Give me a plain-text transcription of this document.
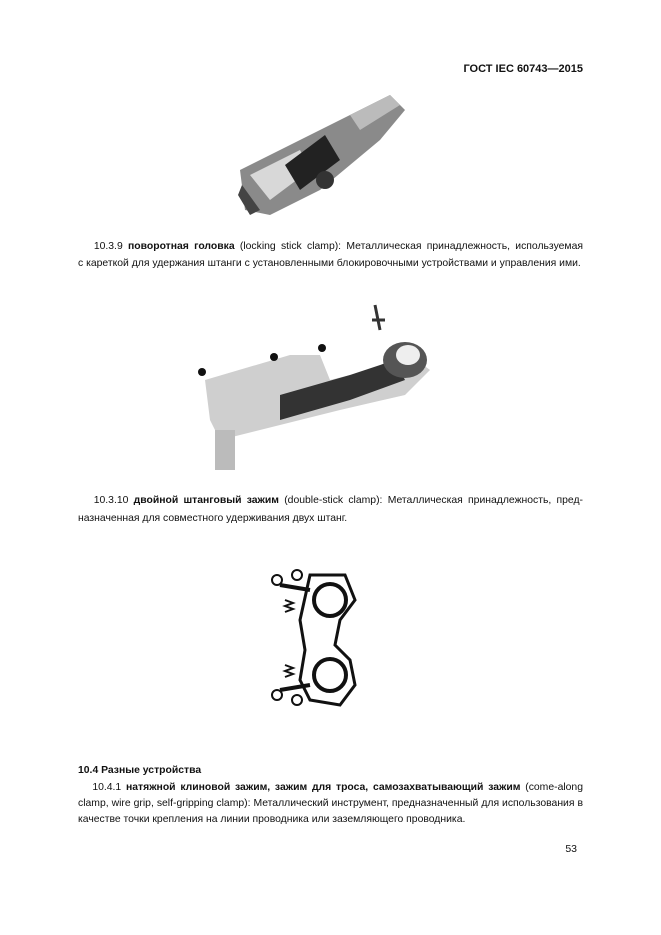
ГОСТ IEC 60743—2015
10.3.9 поворотная головка (locking stick clamp): Металлическая принадлежность, используемая
с кареткой для удержания штанги с установленными блокировочными устройствами и управления ими.
10.3.10 двойной штанговый зажим (double-stick clamp): Металлическая принадлежность, пред-
назначенная для совместного удерживания двух штанг.
10.4 Разные устройства
10.4.1 натяжной клиновой зажим, зажим для троса, самозахватывающий зажим (come-along
clamp, wire grip, self-gripping clamp): Металлический инструмент, предназначенный для использования в
качестве точки крепления на линии проводника или заземляющего проводника.
53
